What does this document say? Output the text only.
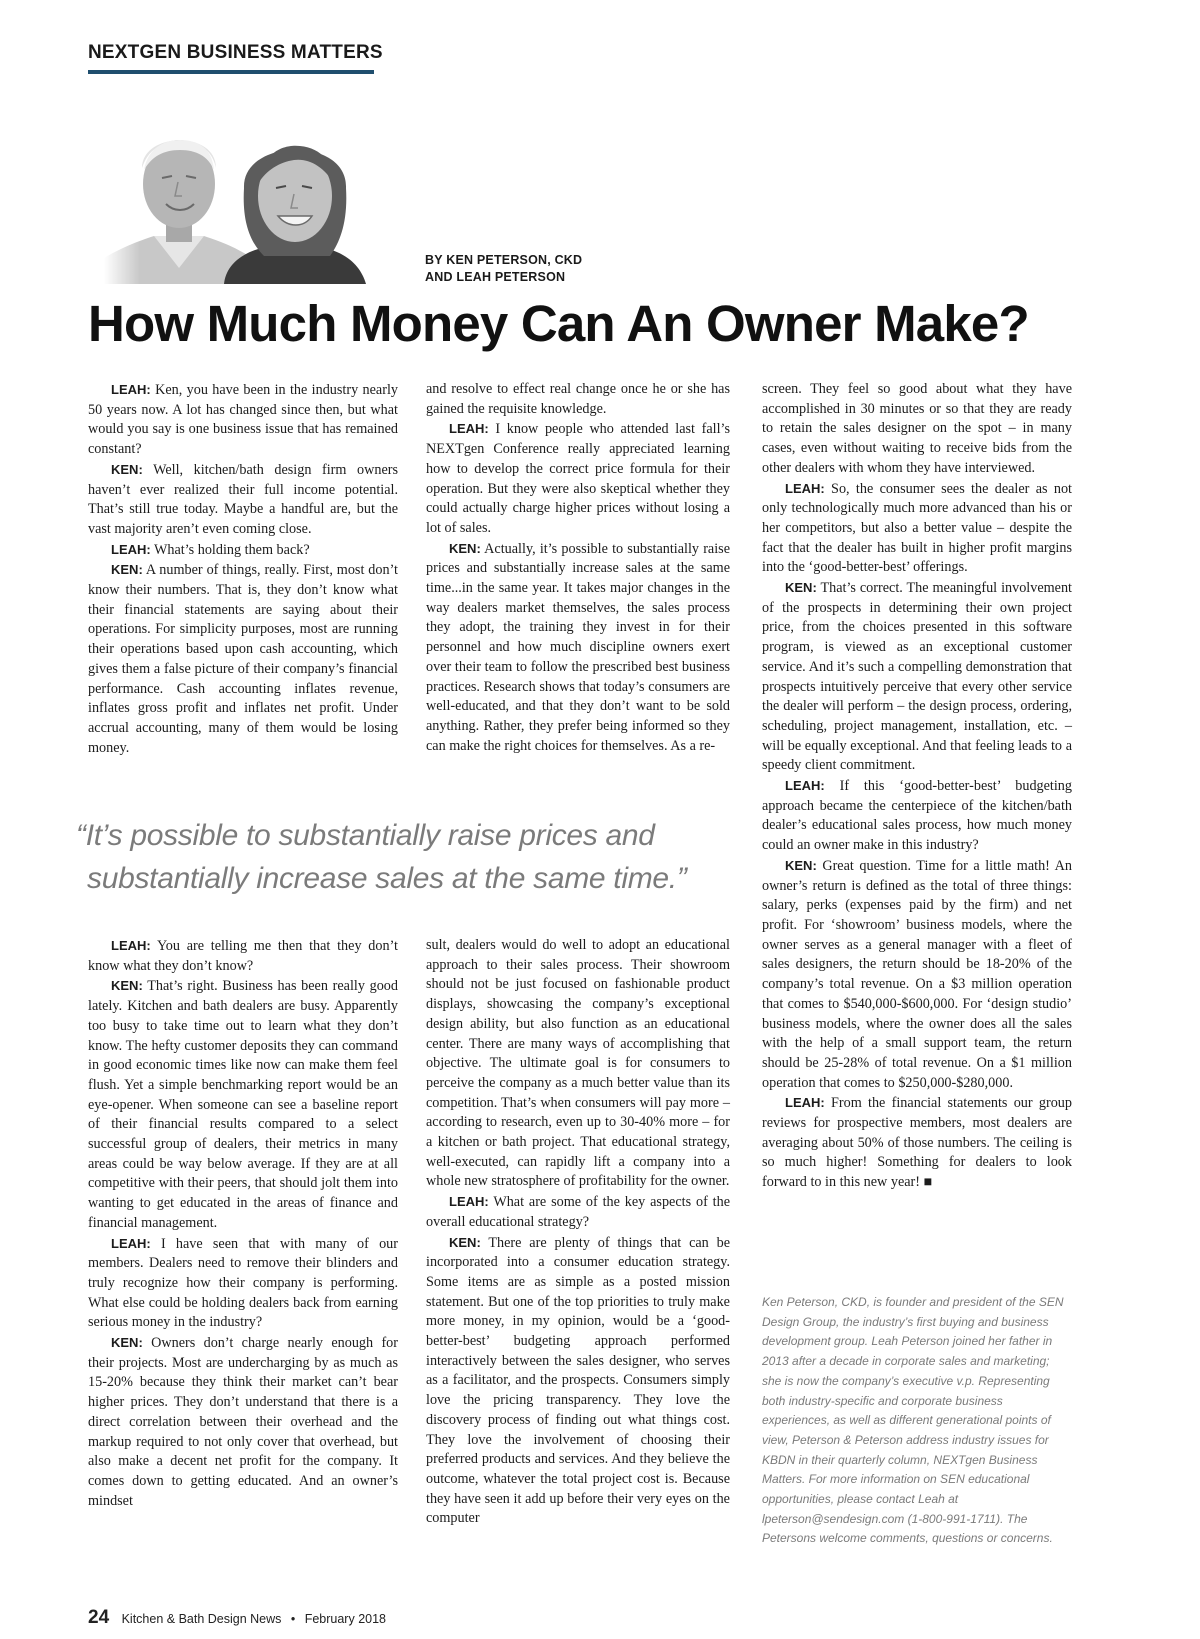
NEXTGEN BUSINESS MATTERS
BY KEN PETERSON, CKD
AND LEAH PETERSON
How Much Money Can An Owner Make?

LEAH: Ken, you have been in the industry nearly 50 years now. A lot has changed since then, but what would you say is one business issue that has remained constant?

KEN: Well, kitchen/bath design firm owners haven’t ever realized their full income potential. That’s still true today. Maybe a handful are, but the vast majority aren’t even coming close.

LEAH: What’s holding them back?

KEN: A number of things, really. First, most don’t know their numbers. That is, they don’t know what their financial statements are saying about their operations. For simplicity purposes, most are running their operations based upon cash accounting, which gives them a false picture of their company’s financial performance. Cash accounting inflates revenue, inflates gross profit and inflates net profit. Under accrual accounting, many of them would be losing money.

and resolve to effect real change once he or she has gained the requisite knowledge.

LEAH: I know people who attended last fall’s NEXTgen Conference really appreciated learning how to develop the correct price formula for their operation. But they were also skeptical whether they could actually charge higher prices without losing a lot of sales.

KEN: Actually, it’s possible to substantially raise prices and substantially increase sales at the same time...in the same year. It takes major changes in the way dealers market themselves, the sales process they adopt, the training they invest in for their personnel and how much discipline owners exert over their team to follow the prescribed best business practices. Research shows that today’s consumers are well-educated, and that they don’t want to be sold anything. Rather, they prefer being informed so they can make the right choices for themselves. As a re-

screen. They feel so good about what they have accomplished in 30 minutes or so that they are ready to retain the sales designer on the spot – in many cases, even without waiting to receive bids from the other dealers with whom they have interviewed.

LEAH: So, the consumer sees the dealer as not only technologically much more advanced than his or her competitors, but also a better value – despite the fact that the dealer has built in higher profit margins into the ‘good-better-best’ offerings.

KEN: That’s correct. The meaningful involvement of the prospects in determining their own project price, from the choices presented in this software program, is viewed as an exceptional customer service. And it’s such a compelling demonstration that prospects intuitively perceive that every other service the dealer will perform – the design process, ordering, scheduling, project management, installation, etc. – will be equally exceptional. And that feeling leads to a speedy client commitment.

LEAH: If this ‘good-better-best’ budgeting approach became the centerpiece of the kitchen/bath dealer’s educational sales process, how much money could an owner make in this industry?

KEN: Great question. Time for a little math! An owner’s return is defined as the total of three things: salary, perks (expenses paid by the firm) and net profit. For ‘showroom’ business models, where the owner serves as a general manager with a fleet of sales designers, the return should be 18-20% of the company’s total revenue. On a $3 million operation that comes to $540,000-$600,000. For ‘design studio’ business models, where the owner does all the sales with the help of a small support team, the return should be 25-28% of total revenue. On a $1 million operation that comes to $250,000-$280,000.

LEAH: From the financial statements our group reviews for prospective members, most dealers are averaging about 50% of those numbers. The ceiling is so much higher! Something for dealers to look forward to in this new year! ■

“It’s possible to substantially raise prices and
substantially increase sales at the same time.”

LEAH: You are telling me then that they don’t know what they don’t know?

KEN: That’s right. Business has been really good lately. Kitchen and bath dealers are busy. Apparently too busy to take time out to learn what they don’t know. The hefty customer deposits they can command in good economic times like now can make them feel flush. Yet a simple benchmarking report would be an eye-opener. When someone can see a baseline report of their financial results compared to a select successful group of dealers, their metrics in many areas could be way below average. If they are at all competitive with their peers, that should jolt them into wanting to get educated in the areas of finance and financial management.

LEAH: I have seen that with many of our members. Dealers need to remove their blinders and truly recognize how their company is performing. What else could be holding dealers back from earning serious money in the industry?

KEN: Owners don’t charge nearly enough for their projects. Most are undercharging by as much as 15-20% because they think their market can’t bear higher prices. They don’t understand that there is a direct correlation between their overhead and the markup required to not only cover that overhead, but also make a decent net profit for the company. It comes down to getting educated. And an owner’s mindset

sult, dealers would do well to adopt an educational approach to their sales process. Their showroom should not be just focused on fashionable product displays, showcasing the company’s exceptional design ability, but also function as an educational center. There are many ways of accomplishing that objective. The ultimate goal is for consumers to perceive the company as a much better value than its competition. That’s when consumers will pay more – according to research, even up to 30-40% more – for a kitchen or bath project. That educational strategy, well-executed, can rapidly lift a company into a whole new stratosphere of profitability for the owner.

LEAH: What are some of the key aspects of the overall educational strategy?

KEN: There are plenty of things that can be incorporated into a consumer education strategy. Some items are as simple as a posted mission statement. But one of the top priorities to truly make more money, in my opinion, would be a ‘good-better-best’ budgeting approach performed interactively between the sales designer, who serves as a facilitator, and the prospects. Consumers simply love the pricing transparency. They love the discovery process of finding out what things cost. They love the involvement of choosing their preferred products and services. And they believe the outcome, whatever the total project cost is. Because they have seen it add up before their very eyes on the computer

Ken Peterson, CKD, is founder and president of the SEN Design Group, the industry’s first buying and business development group. Leah Peterson joined her father in 2013 after a decade in corporate sales and marketing; she is now the company’s executive v.p. Representing both industry-specific and corporate business experiences, as well as different generational points of view, Peterson & Peterson address industry issues for KBDN in their quarterly column, NEXTgen Business Matters. For more information on SEN educational opportunities, please contact Leah at lpeterson@sendesign.com (1-800-991-1711). The Petersons welcome comments, questions or concerns.
24 Kitchen & Bath Design News • February 2018
